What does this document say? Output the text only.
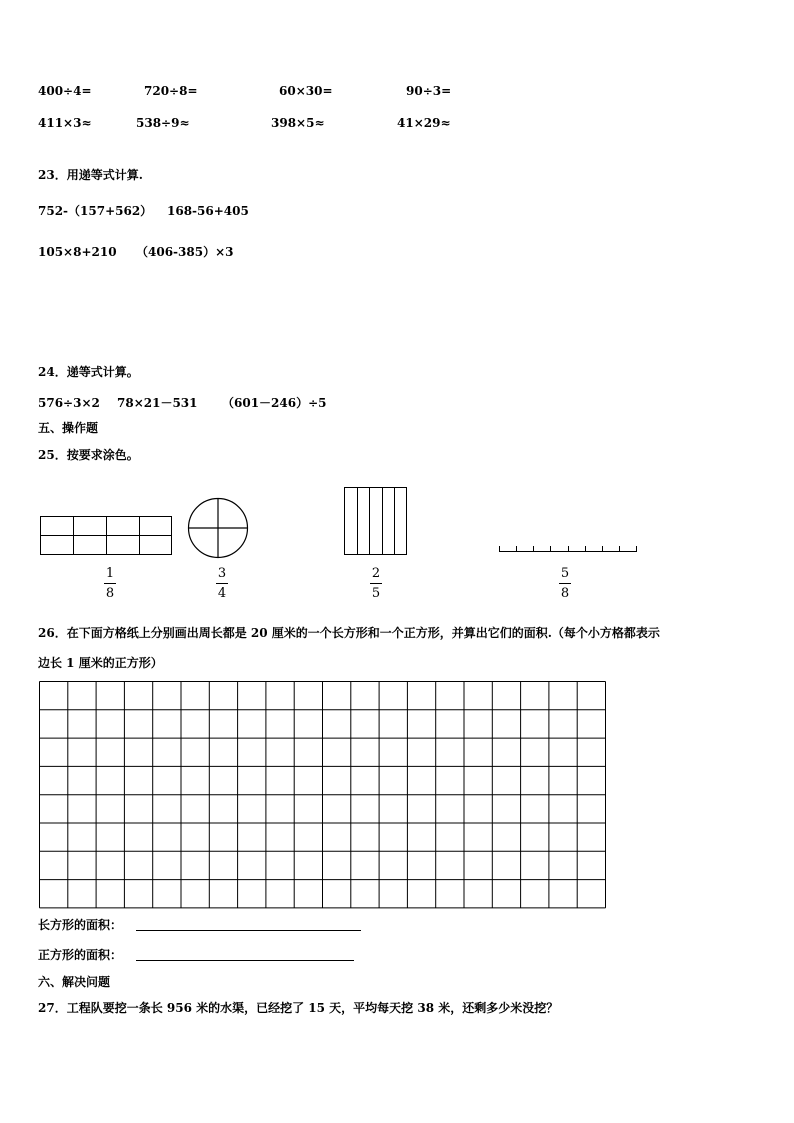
400÷4=	720÷8=	60×30=	90÷3=
411×3≈	538÷9≈	398×5≈	41×29≈
23．用递等式计算.
752-（157+562） 168-56+405
105×8+210 （406-385）×3
24．递等式计算。
576÷3×2 78×21－531 （601－246）÷5
五、操作题
25．按要求涂色。
1
8
3
4
2
5
5
8
26．在下面方格纸上分别画出周长都是 20 厘米的一个长方形和一个正方形，并算出它们的面积.（每个小方格都表示
边长 1 厘米的正方形）
长方形的面积：
正方形的面积：
六、解决问题
27．工程队要挖一条长 956 米的水渠，已经挖了 15 天，平均每天挖 38 米，还剩多少米没挖？
